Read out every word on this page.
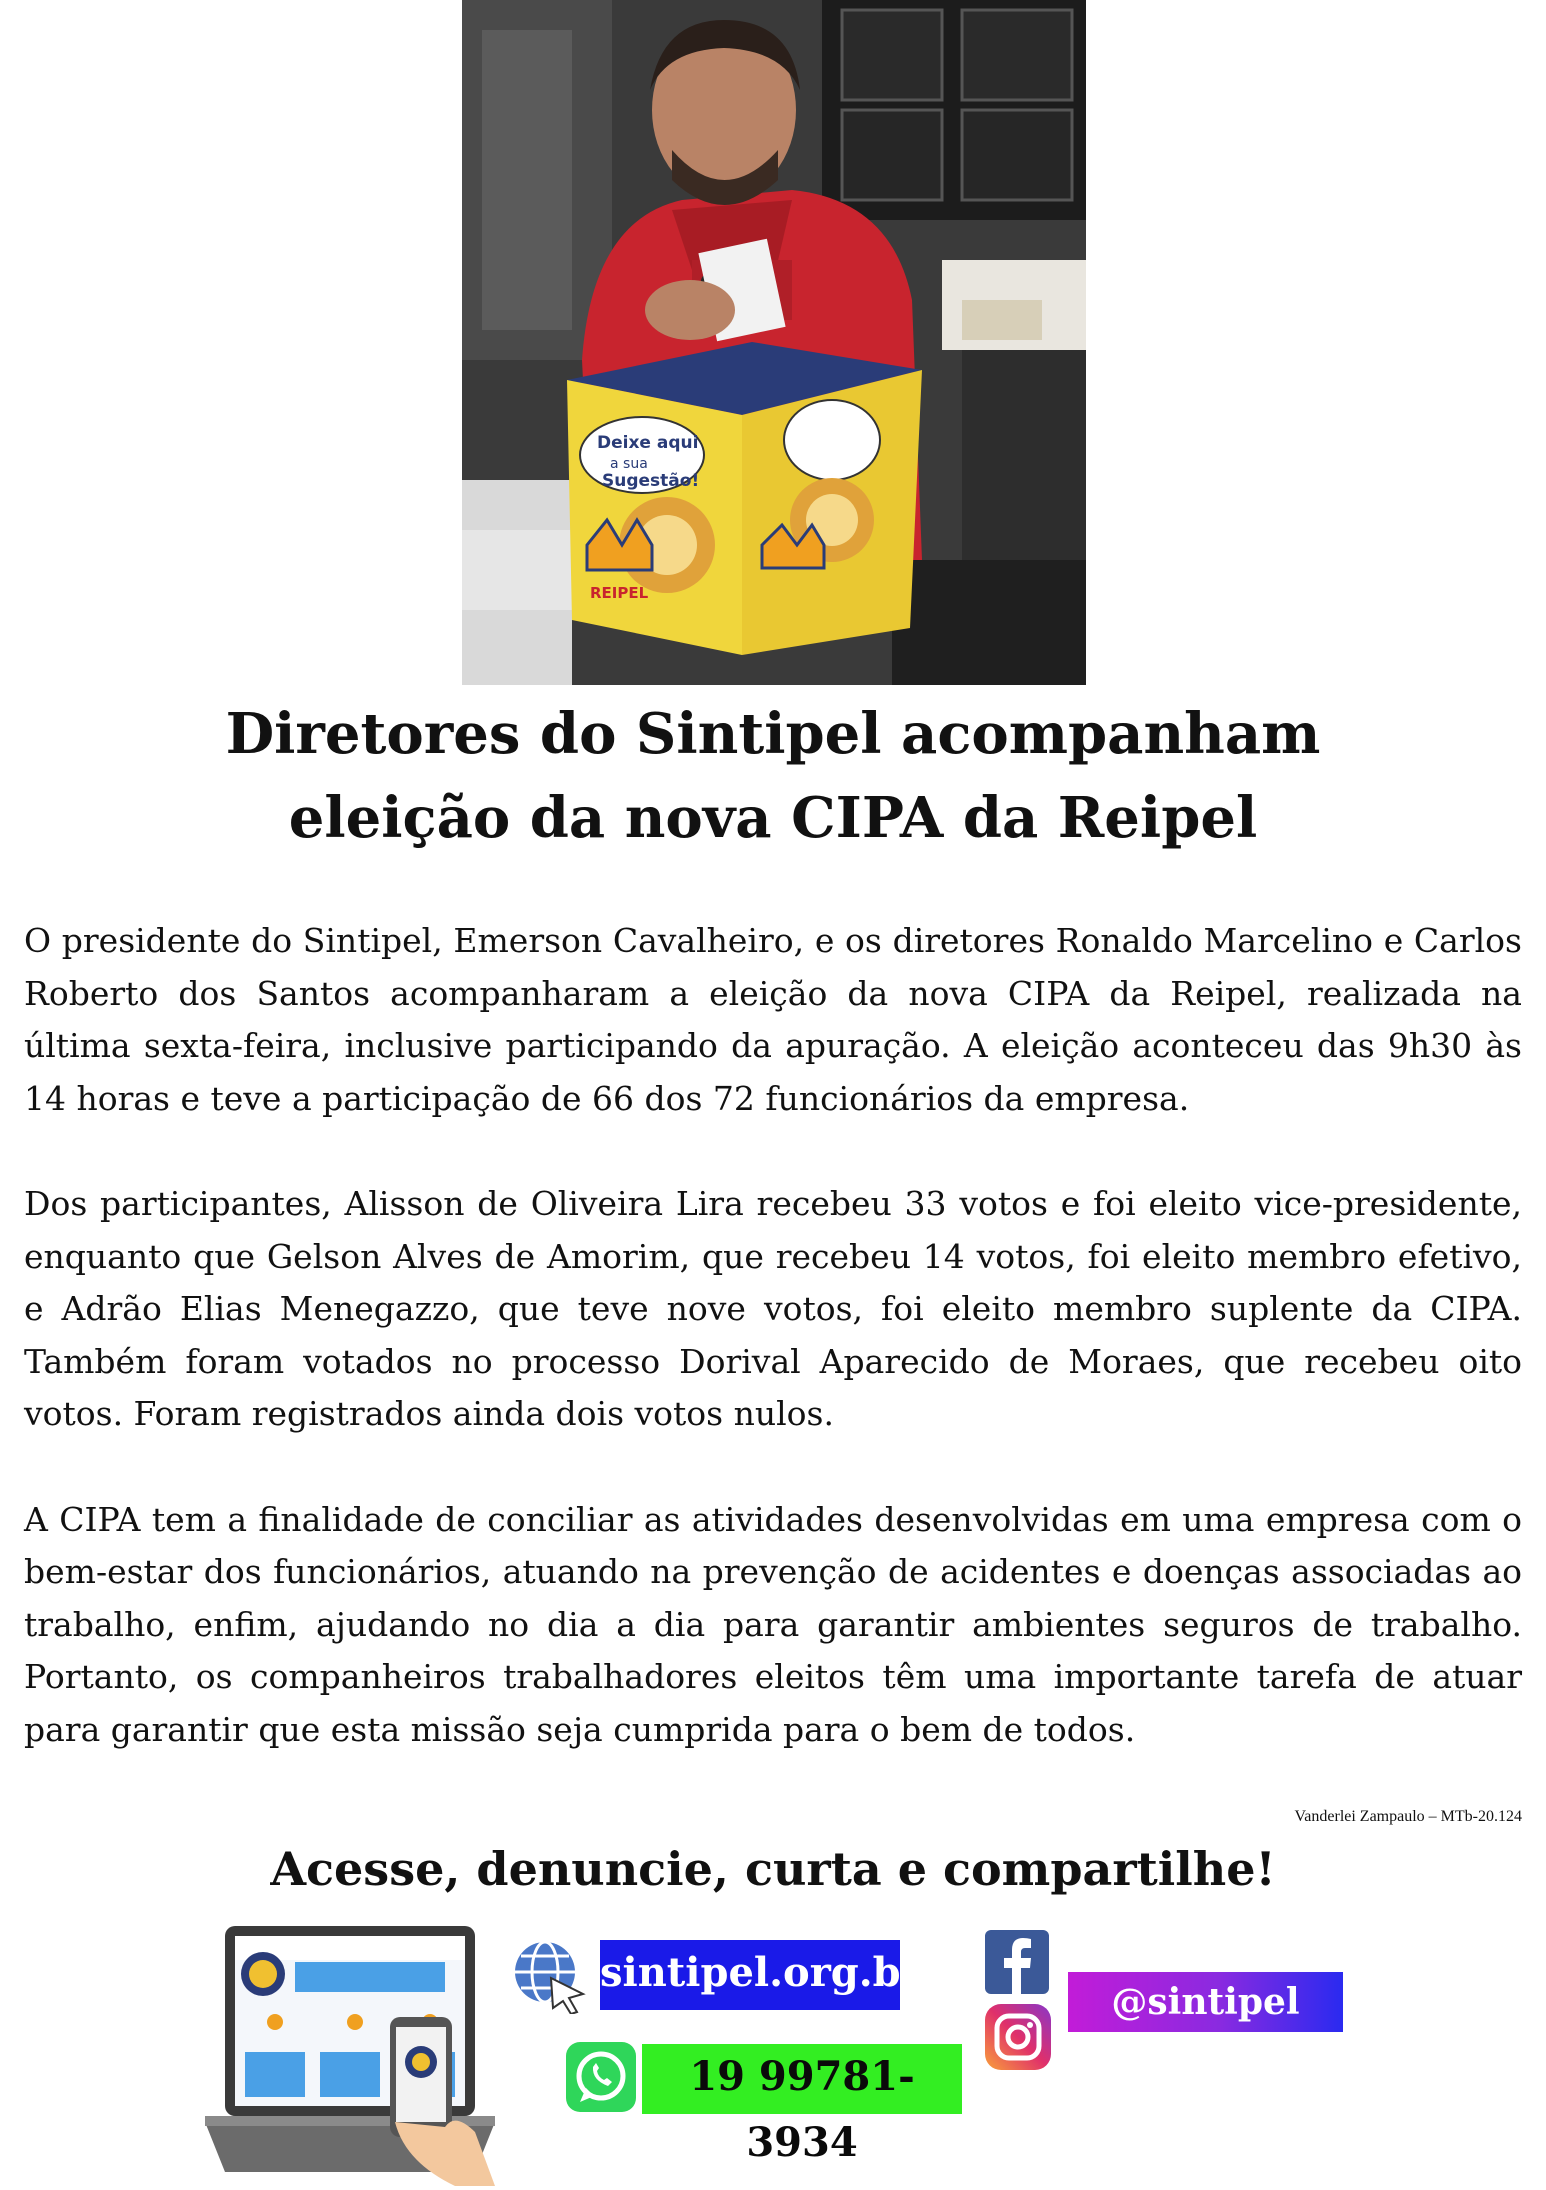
Deixe aqui
a sua
Sugestão!
REIPEL
Diretores do Sintipel acompanham
eleição da nova CIPA da Reipel

O presidente do Sintipel, Emerson Cavalheiro, e os diretores Ronaldo Marcelino e Carlos Roberto dos Santos acompanharam a eleição da nova CIPA da Reipel, realizada na última sexta-feira, inclusive participando da apuração. A eleição aconteceu das 9h30 às 14 horas e teve a participação de 66 dos 72 funcionários da empresa.

Dos participantes, Alisson de Oliveira Lira recebeu 33 votos e foi eleito vice-presidente, enquanto que Gelson Alves de Amorim, que recebeu 14 votos, foi eleito membro efetivo, e Adrão Elias Menegazzo, que teve nove votos, foi eleito membro suplente da CIPA. Também foram votados no processo Dorival Aparecido de Moraes, que recebeu oito votos. Foram registrados ainda dois votos nulos.

A CIPA tem a finalidade de conciliar as atividades desenvolvidas em uma empresa com o bem-estar dos funcionários, atuando na prevenção de acidentes e doenças associadas ao trabalho, enfim, ajudando no dia a dia para garantir ambientes seguros de trabalho. Portanto, os companheiros trabalhadores eleitos têm uma importante tarefa de atuar para garantir que esta missão seja cumprida para o bem de todos.

Vanderlei Zampaulo – MTb-20.124
Acesse, denuncie, curta e compartilhe!
sintipel.org.br
19 99781-3934
@sintipel
